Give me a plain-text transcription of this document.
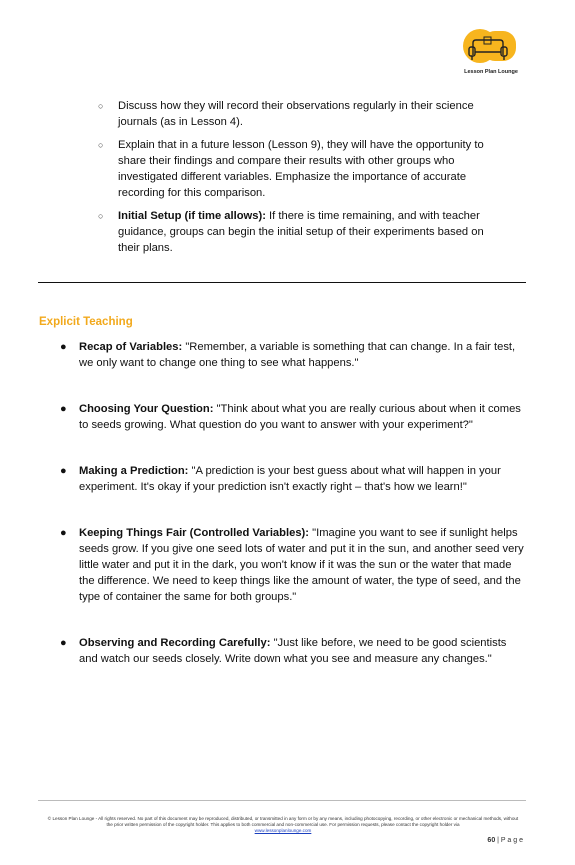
Lesson Plan Lounge
○ Discuss how they will record their observations regularly in their science journals (as in Lesson 4).
○ Explain that in a future lesson (Lesson 9), they will have the opportunity to share their findings and compare their results with other groups who investigated different variables. Emphasize the importance of accurate recording for this comparison.
○ Initial Setup (if time allows): If there is time remaining, and with teacher guidance, groups can begin the initial setup of their experiments based on their plans.
Explicit Teaching
● Recap of Variables: "Remember, a variable is something that can change. In a fair test, we only want to change one thing to see what happens."
● Choosing Your Question: "Think about what you are really curious about when it comes to seeds growing. What question do you want to answer with your experiment?"
● Making a Prediction: "A prediction is your best guess about what will happen in your experiment. It's okay if your prediction isn't exactly right – that's how we learn!"
● Keeping Things Fair (Controlled Variables): "Imagine you want to see if sunlight helps seeds grow. If you give one seed lots of water and put it in the sun, and another seed very little water and put it in the dark, you won't know if it was the sun or the water that made the difference. We need to keep things like the amount of water, the type of seed, and the type of container the same for both groups."
● Observing and Recording Carefully: "Just like before, we need to be good scientists and watch our seeds closely. Write down what you see and measure any changes."
© Lesson Plan Lounge - All rights reserved. No part of this document may be reproduced, distributed, or transmitted in any form or by any means, including photocopying, recording, or other electronic or mechanical methods, without the prior written permission of the copyright holder. This applies to both commercial and non-commercial use. For permission requests, please contact the copyright holder via
www.lessonplanlounge.com
60 | P a g e
